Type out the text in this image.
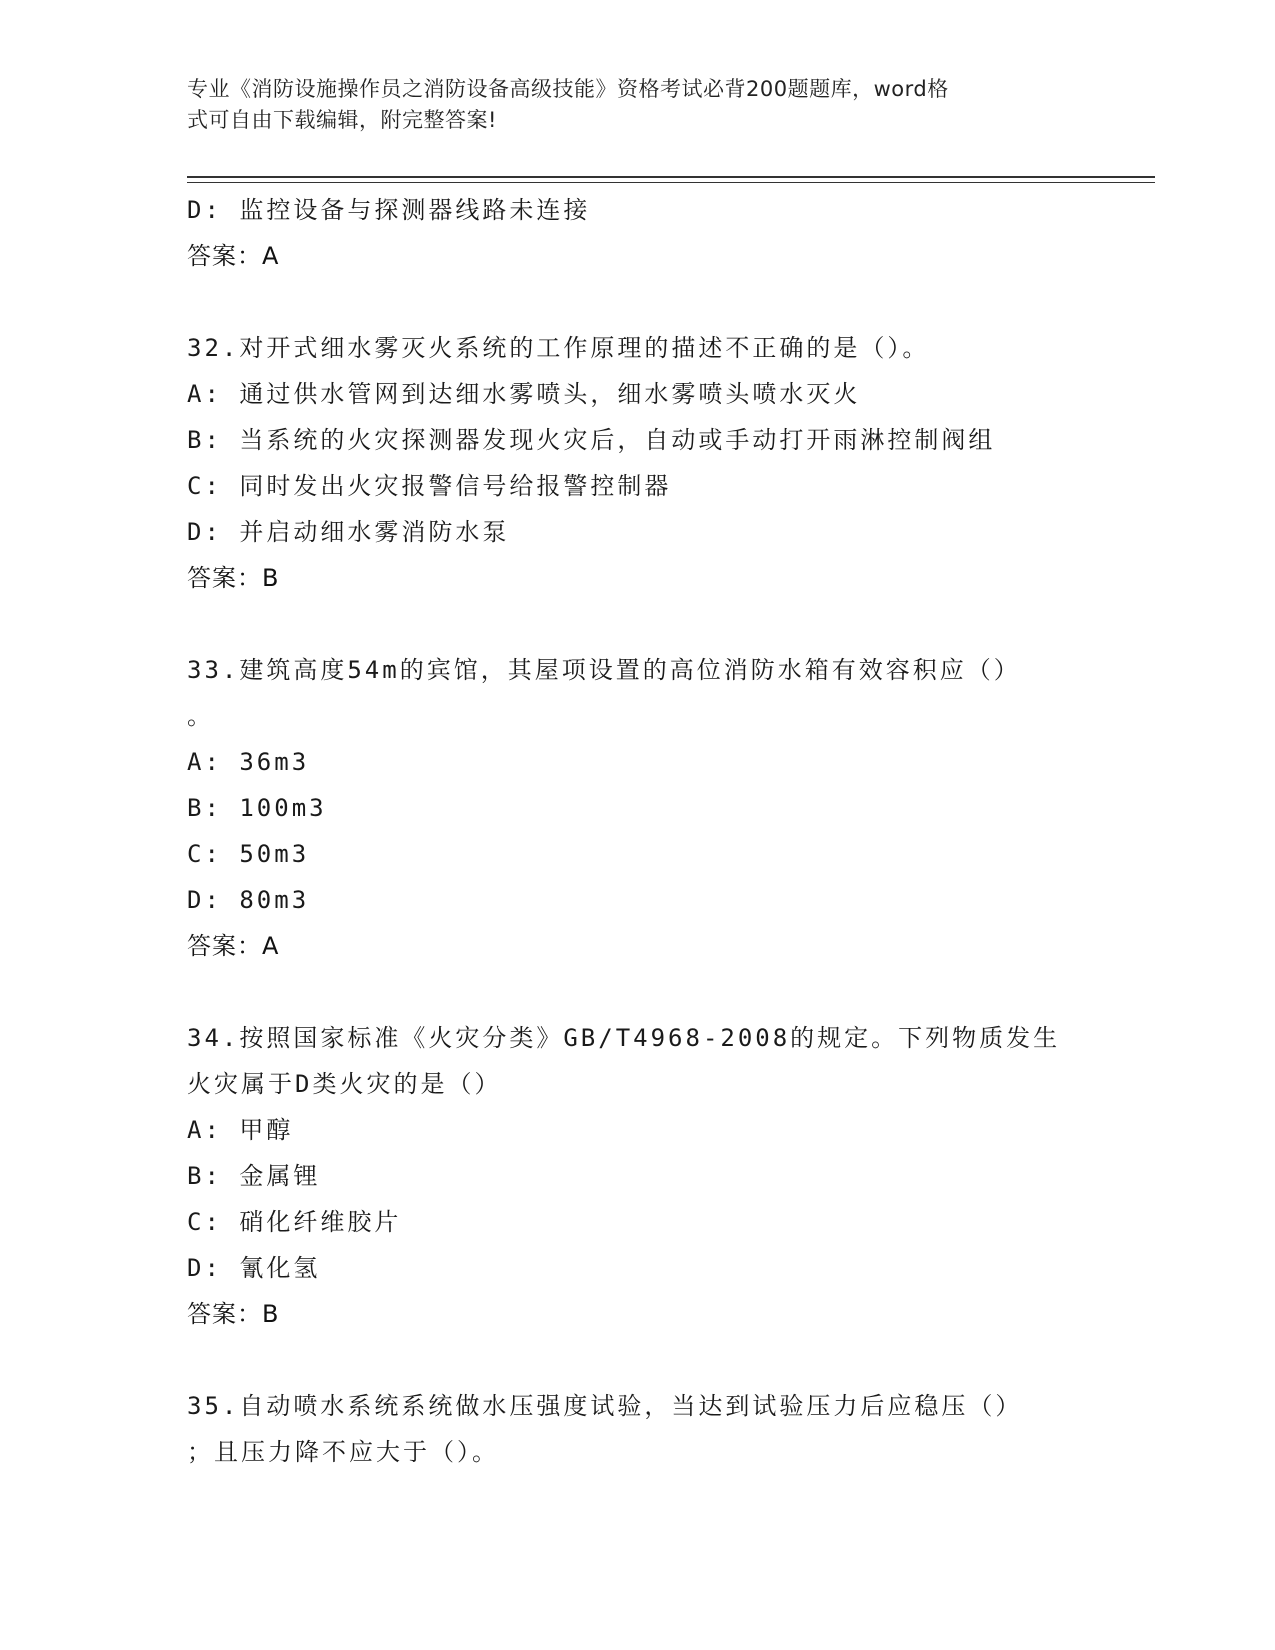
专业《消防设施操作员之消防设备高级技能》资格考试必背200题题库，word格
式可自由下载编辑，附完整答案!
D: 监控设备与探测器线路未连接
答案：A
32.对开式细水雾灭火系统的工作原理的描述不正确的是（）。
A: 通过供水管网到达细水雾喷头，细水雾喷头喷水灭火
B: 当系统的火灾探测器发现火灾后，自动或手动打开雨淋控制阀组
C: 同时发出火灾报警信号给报警控制器
D: 并启动细水雾消防水泵
答案：B
33.建筑高度54m的宾馆，其屋项设置的高位消防水箱有效容积应（）
。
A: 36m3
B: 100m3
C: 50m3
D: 80m3
答案：A
34.按照国家标准《火灾分类》GB/T4968-2008的规定。下列物质发生
火灾属于D类火灾的是（）
A: 甲醇
B: 金属锂
C: 硝化纤维胶片
D: 氰化氢
答案：B
35.自动喷水系统系统做水压强度试验，当达到试验压力后应稳压（）
；且压力降不应大于（）。
